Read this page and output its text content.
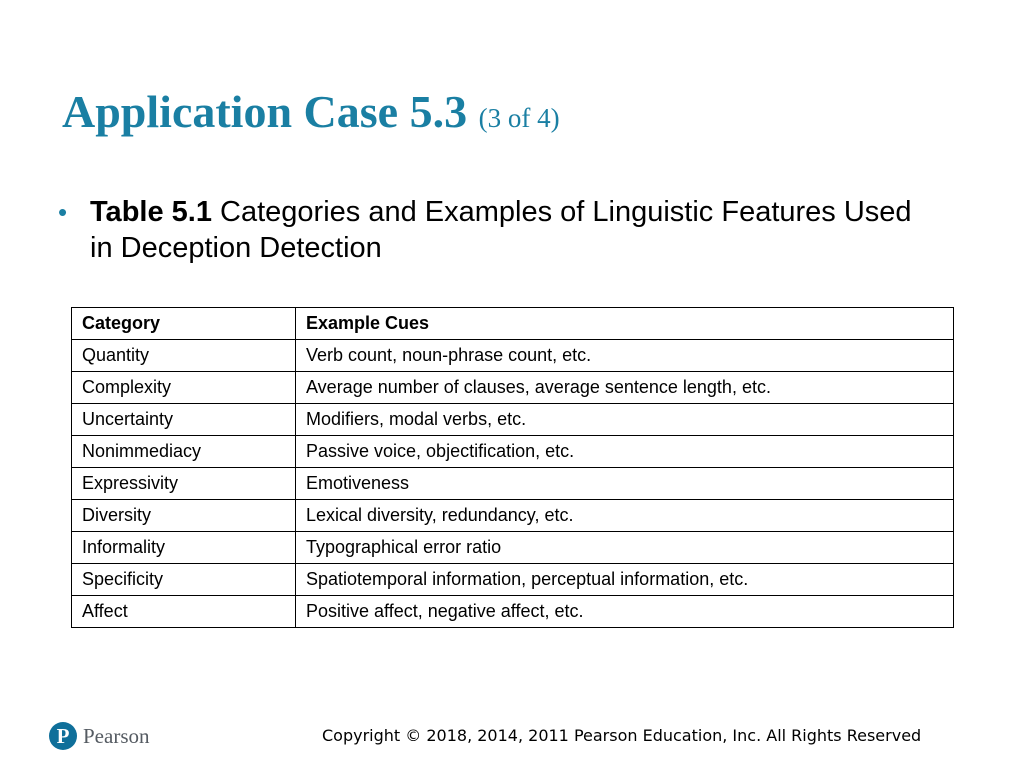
Application Case 5.3 (3 of 4)
• Table 5.1 Categories and Examples of Linguistic Features Used in Deception Detection
Category	Example Cues
Quantity	Verb count, noun-phrase count, etc.
Complexity	Average number of clauses, average sentence length, etc.
Uncertainty	Modifiers, modal verbs, etc.
Nonimmediacy	Passive voice, objectification, etc.
Expressivity	Emotiveness
Diversity	Lexical diversity, redundancy, etc.
Informality	Typographical error ratio
Specificity	Spatiotemporal information, perceptual information, etc.
Affect	Positive affect, negative affect, etc.
P Pearson	Copyright © 2018, 2014, 2011 Pearson Education, Inc. All Rights Reserved
